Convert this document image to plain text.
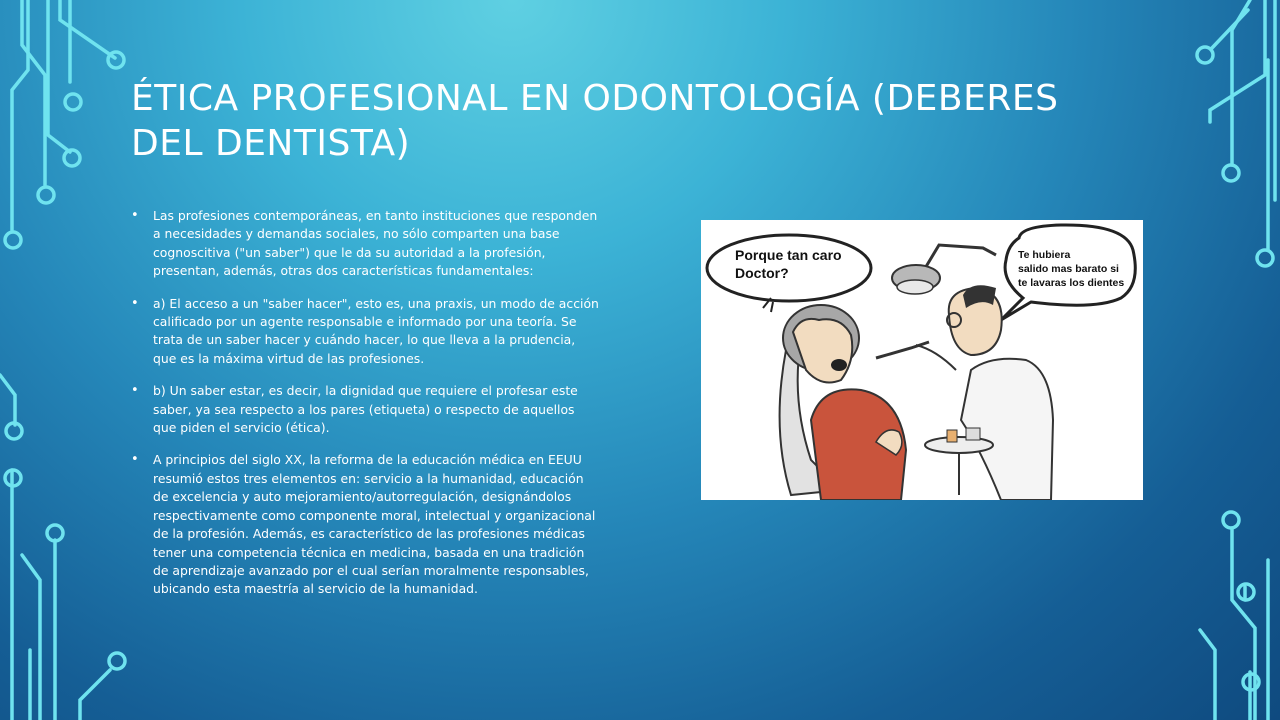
ÉTICA PROFESIONAL EN ODONTOLOGÍA (DEBERES DEL DENTISTA)
• Las profesiones contemporáneas, en tanto instituciones que responden a necesidades y demandas sociales, no sólo comparten una base cognoscitiva ("un saber") que le da su autoridad a la profesión, presentan, además, otras dos características fundamentales:
• a) El acceso a un "saber hacer", esto es, una praxis, un modo de acción calificado por un agente responsable e informado por una teoría. Se trata de un saber hacer y cuándo hacer, lo que lleva a la prudencia, que es la máxima virtud de las profesiones.
• b) Un saber estar, es decir, la dignidad que requiere el profesar este saber, ya sea respecto a los pares (etiqueta) o respecto de aquellos que piden el servicio (ética).
• A principios del siglo XX, la reforma de la educación médica en EEUU resumió estos tres elementos en: servicio a la humanidad, educación de excelencia y auto mejoramiento/autorregulación, designándolos respectivamente como componente moral, intelectual y organizacional de la profesión. Además, es característico de las profesiones médicas tener una competencia técnica en medicina, basada en una tradición de aprendizaje avanzado por el cual serían moralmente responsables, ubicando esta maestría al servicio de la humanidad.
Porque tan caro
Doctor?
Te hubiera
salido mas barato si
te lavaras los dientes
